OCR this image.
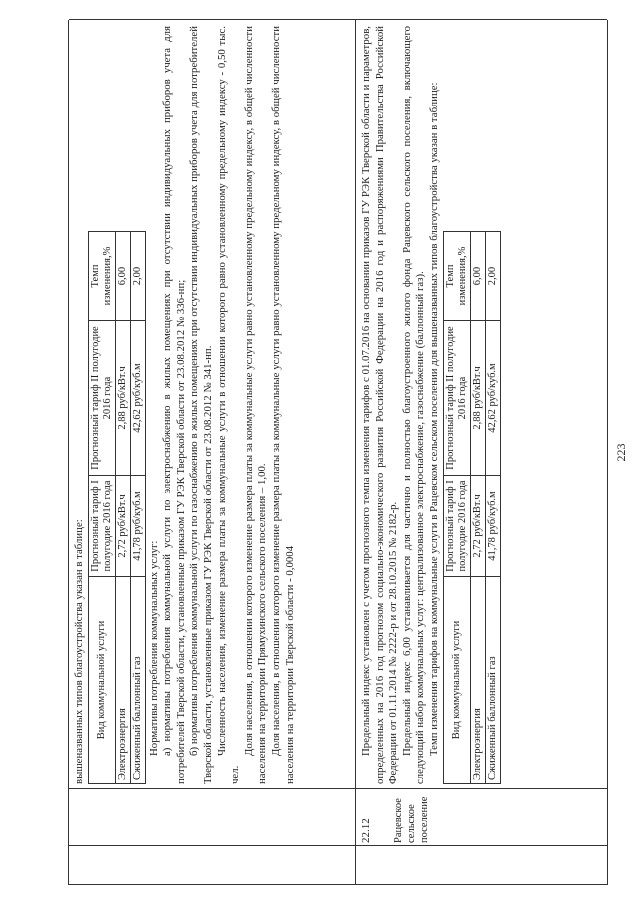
223

вышеназванных типов благоустройства указан в таблице: Вид коммунальной услуги	Прогнозный тариф I полугодие 2016 года	Прогнозный тариф II полугодие 2016 года	Темп изменения,%
Электроэнергия	2,72 руб/кВт.ч	2,88 руб/кВт.ч	6,00
Сжиженный баллонный газ	41,78 руб/куб.м	42,62 руб/куб.м	2,00

Нормативы потребления коммунальных услуг: а) нормативы потребления коммунальной услуги по электроснабжению в жилых помещениях при отсутствии индивидуальных приборов учета для потребителей Тверской области, установленные приказом ГУ РЭК Тверской области от 23.08.2012 № 336-нп; б) нормативы потребления коммунальной услуги по газоснабжению в жилых помещениях при отсутствии индивидуальных приборов учета для потребителей Тверской области, установленные приказом ГУ РЭК Тверской области от 23.08.2012 № 341-нп. Численность населения, изменение размера платы за коммунальные услуги в отношении которого равно установленному предельному индексу - 0,50 тыс. чел.

Доля населения, в отношении которого изменение размера платы за коммунальные услуги равно установленному предельному индексу, в общей численности населения на территории Прямухинского сельского поселения – 1,00. Доля населения, в отношении которого изменение размера платы за коммунальные услуги равно установленному предельному индексу, в общей численности населения на территории Тверской области - 0,0004

22.12 Рацевское сельское поселение

Предельный индекс установлен с учетом прогнозного темпа изменения тарифов с 01.07.2016 на основании приказов ГУ РЭК Тверской области и параметров, определенных на 2016 год прогнозом социально-экономического развития Российской Федерации на 2016 год и распоряжениями Правительства Российской Федерации от 01.11.2014 № 2222-р и от 28.10.2015 № 2182-р. Предельный индекс 6,00 устанавливается для частично и полностью благоустроенного жилого фонда Рацевского сельского поселения, включающего следующий набор коммунальных услуг: централизованное электроснабжение, газоснабжение (баллонный газ). Темп изменения тарифов на коммунальные услуги в Рацевском сельском поселении для вышеназванных типов благоустройства указан в таблице: Вид коммунальной услуги	Прогнозный тариф I полугодие 2016 года	Прогнозный тариф II полугодие 2016 года	Темп изменения,%
Электроэнергия	2,72 руб/кВт.ч	2,88 руб/кВт.ч	6,00
Сжиженный баллонный газ	41,78 руб/куб.м	42,62 руб/куб.м	2,00
